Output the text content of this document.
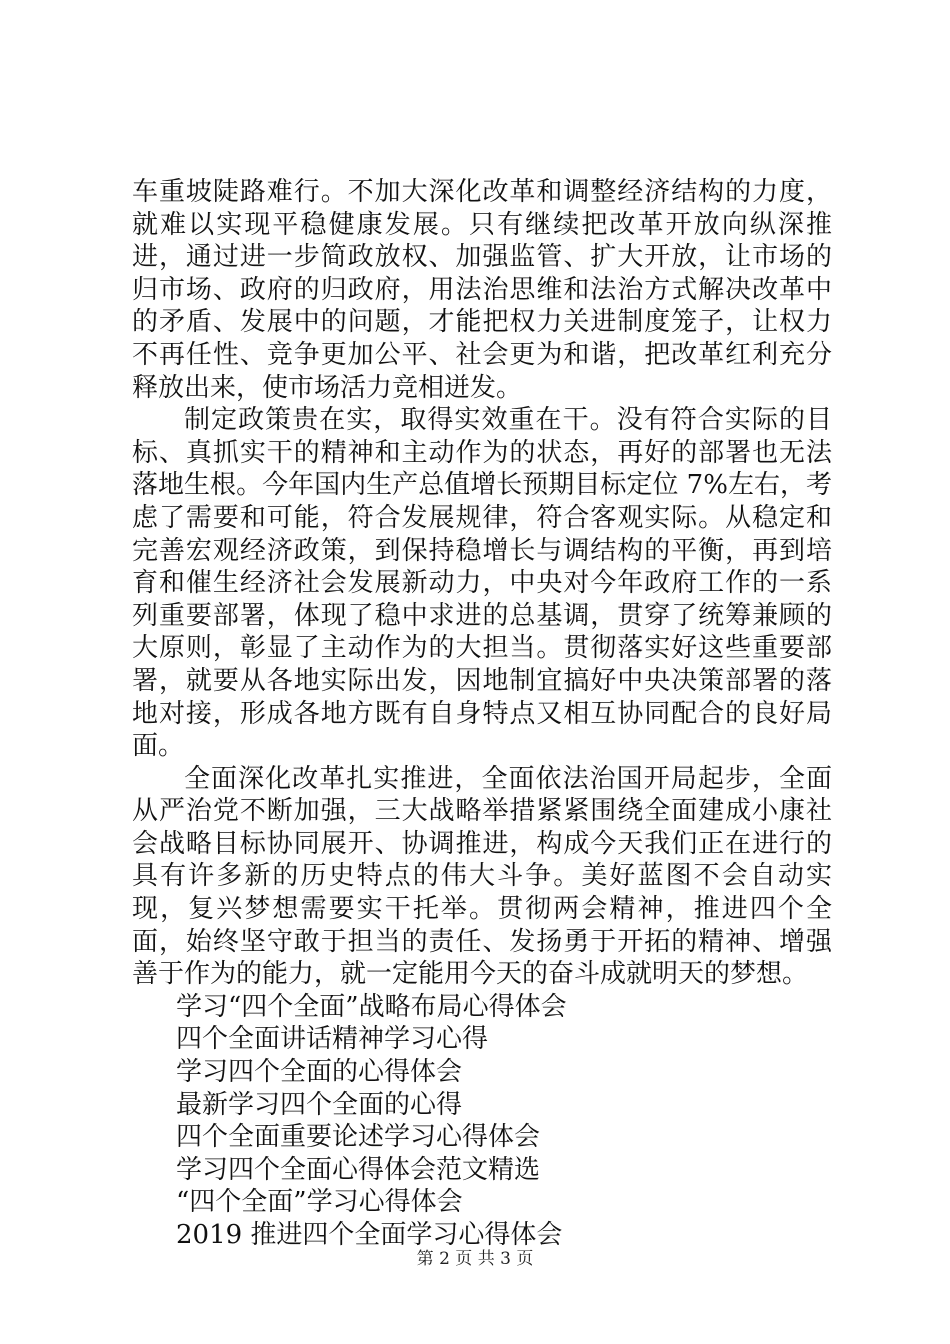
车重坡陡路难行。不加大深化改革和调整经济结构的力度，就难以实现平稳健康发展。只有继续把改革开放向纵深推进，通过进一步简政放权、加强监管、扩大开放，让市场的归市场、政府的归政府，用法治思维和法治方式解决改革中的矛盾、发展中的问题，才能把权力关进制度笼子，让权力不再任性、竞争更加公平、社会更为和谐，把改革红利充分释放出来，使市场活力竞相迸发。

制定政策贵在实，取得实效重在干。没有符合实际的目标、真抓实干的精神和主动作为的状态，再好的部署也无法落地生根。今年国内生产总值增长预期目标定位 7%左右，考虑了需要和可能，符合发展规律，符合客观实际。从稳定和完善宏观经济政策，到保持稳增长与调结构的平衡，再到培育和催生经济社会发展新动力，中央对今年政府工作的一系列重要部署，体现了稳中求进的总基调，贯穿了统筹兼顾的大原则，彰显了主动作为的大担当。贯彻落实好这些重要部署，就要从各地实际出发，因地制宜搞好中央决策部署的落地对接，形成各地方既有自身特点又相互协同配合的良好局面。

全面深化改革扎实推进，全面依法治国开局起步，全面从严治党不断加强，三大战略举措紧紧围绕全面建成小康社会战略目标协同展开、协调推进，构成今天我们正在进行的具有许多新的历史特点的伟大斗争。美好蓝图不会自动实现，复兴梦想需要实干托举。贯彻两会精神，推进四个全面，始终坚守敢于担当的责任、发扬勇于开拓的精神、增强善于作为的能力，就一定能用今天的奋斗成就明天的梦想。

学习“四个全面”战略布局心得体会
四个全面讲话精神学习心得
学习四个全面的心得体会
最新学习四个全面的心得
四个全面重要论述学习心得体会
学习四个全面心得体会范文精选
“四个全面”学习心得体会
2019 推进四个全面学习心得体会
第 2 页 共 3 页
